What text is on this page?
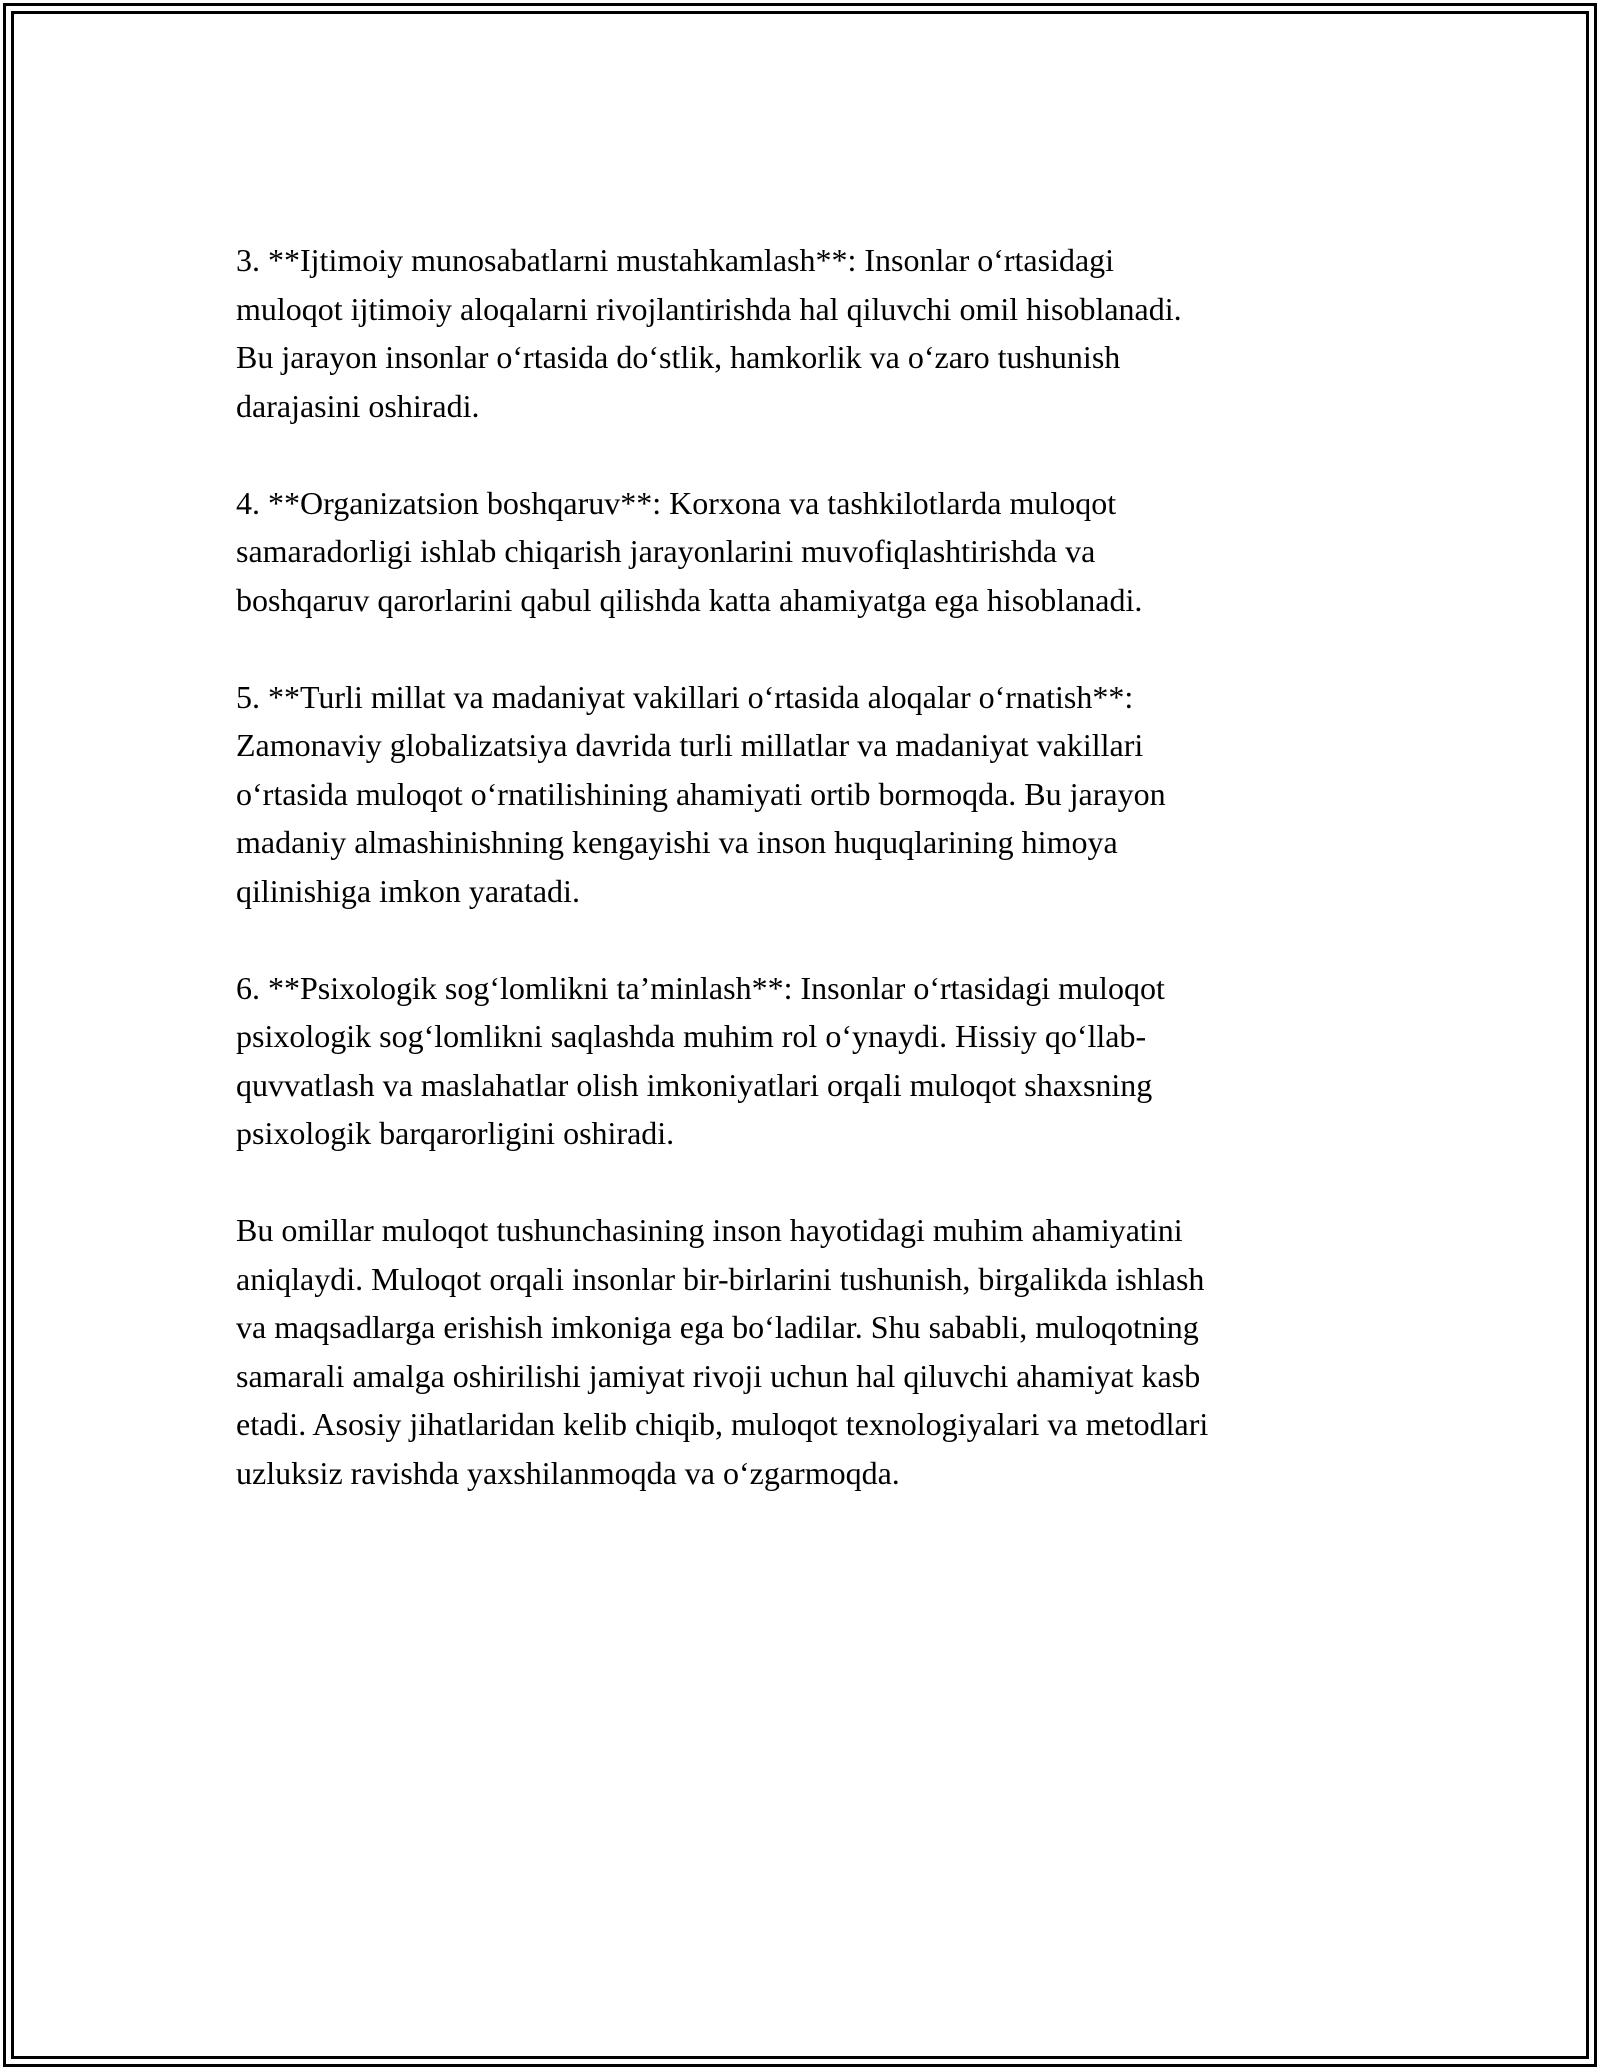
3. **Ijtimoiy munosabatlarni mustahkamlash**: Insonlar o‘rtasidagi
muloqot ijtimoiy aloqalarni rivojlantirishda hal qiluvchi omil hisoblanadi.
Bu jarayon insonlar o‘rtasida do‘stlik, hamkorlik va o‘zaro tushunish
darajasini oshiradi.

4. **Organizatsion boshqaruv**: Korxona va tashkilotlarda muloqot
samaradorligi ishlab chiqarish jarayonlarini muvofiqlashtirishda va
boshqaruv qarorlarini qabul qilishda katta ahamiyatga ega hisoblanadi.

5. **Turli millat va madaniyat vakillari o‘rtasida aloqalar o‘rnatish**:
Zamonaviy globalizatsiya davrida turli millatlar va madaniyat vakillari
o‘rtasida muloqot o‘rnatilishining ahamiyati ortib bormoqda. Bu jarayon
madaniy almashinishning kengayishi va inson huquqlarining himoya
qilinishiga imkon yaratadi.

6. **Psixologik sog‘lomlikni ta’minlash**: Insonlar o‘rtasidagi muloqot
psixologik sog‘lomlikni saqlashda muhim rol o‘ynaydi. Hissiy qo‘llab-
quvvatlash va maslahatlar olish imkoniyatlari orqali muloqot shaxsning
psixologik barqarorligini oshiradi.

Bu omillar muloqot tushunchasining inson hayotidagi muhim ahamiyatini
aniqlaydi. Muloqot orqali insonlar bir-birlarini tushunish, birgalikda ishlash
va maqsadlarga erishish imkoniga ega bo‘ladilar. Shu sababli, muloqotning
samarali amalga oshirilishi jamiyat rivoji uchun hal qiluvchi ahamiyat kasb
etadi. Asosiy jihatlaridan kelib chiqib, muloqot texnologiyalari va metodlari
uzluksiz ravishda yaxshilanmoqda va o‘zgarmoqda.
